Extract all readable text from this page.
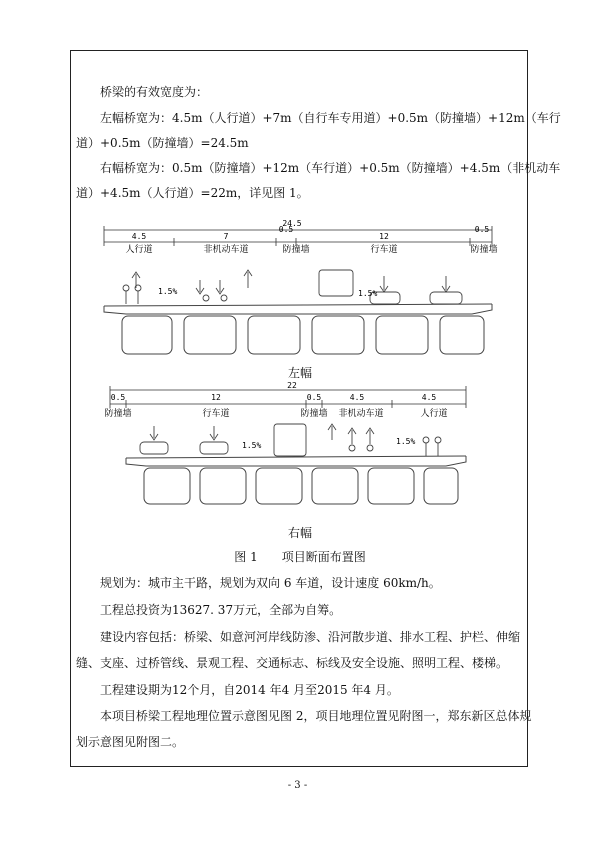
桥梁的有效宽度为：
左幅桥宽为：4.5m（人行道）+7m（自行车专用道）+0.5m（防撞墙）+12m（车行
道）+0.5m（防撞墙）=24.5m
右幅桥宽为：0.5m（防撞墙）+12m（车行道）+0.5m（防撞墙）+4.5m（非机动车
道）+4.5m（人行道）=22m，详见图 1。
24.5
4.5	7
0.5
12
0.5
人行道	非机动车道	防撞墙	行车道	防撞墙
1.5%	1.5%
左幅
22
0.5	12	0.5	4.5	4.5
防撞墙	行车道	防撞墙 非机动车道	人行道
1.5%	1.5%
右幅
图 1　　项目断面布置图
规划为：城市主干路，规划为双向 6 车道，设计速度 60km/h。
工程总投资为13627. 37万元，全部为自筹。
建设内容包括：桥梁、如意河河岸线防渗、沿河散步道、排水工程、护栏、伸缩
缝、支座、过桥管线、景观工程、交通标志、标线及安全设施、照明工程、楼梯。
工程建设期为12个月，自2014 年4 月至2015 年4 月。
本项目桥梁工程地理位置示意图见图 2，项目地理位置见附图一，郑东新区总体规
划示意图见附图二。
- 3 -
